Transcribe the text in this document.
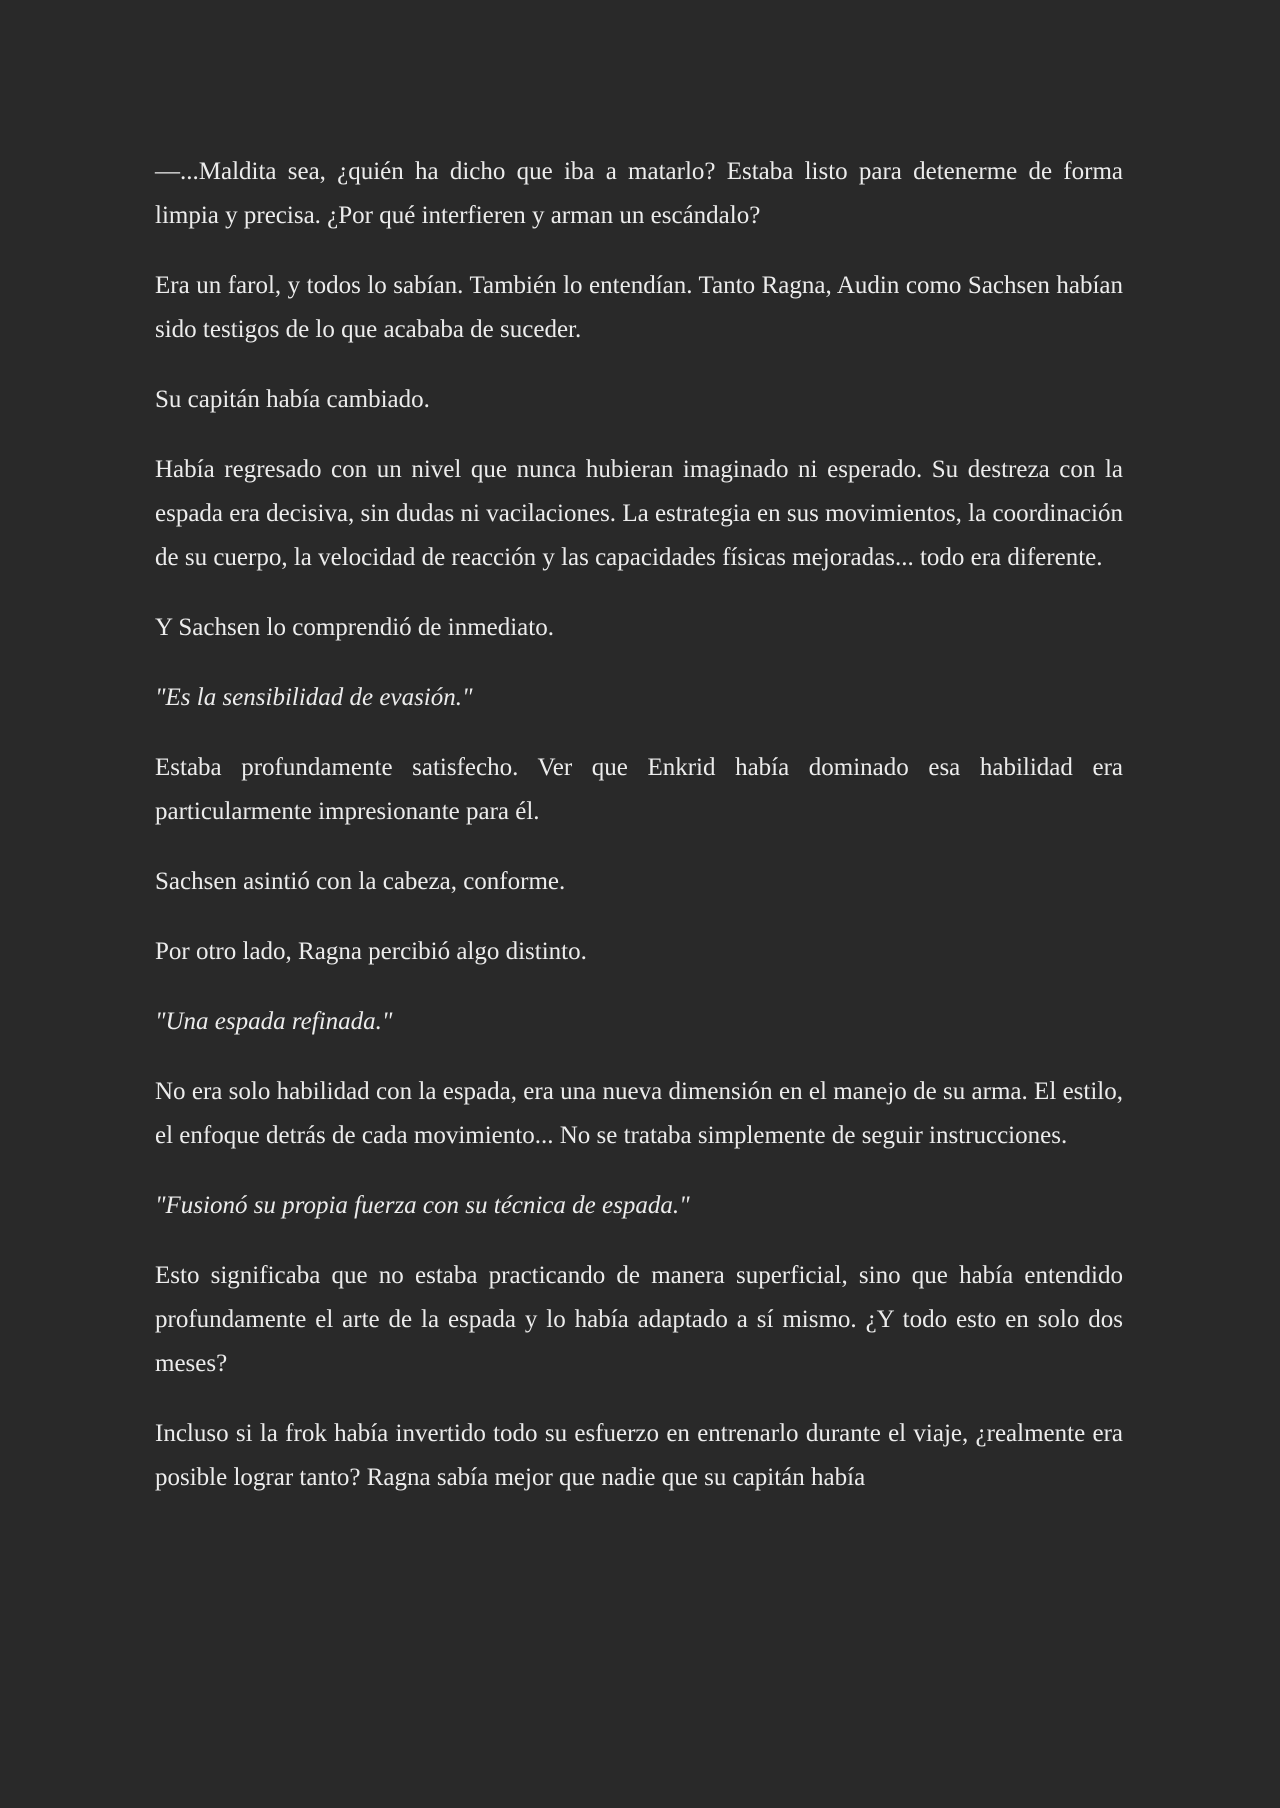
—...Maldita sea, ¿quién ha dicho que iba a matarlo? Estaba listo para detenerme de forma limpia y precisa. ¿Por qué interfieren y arman un escándalo?

Era un farol, y todos lo sabían. También lo entendían. Tanto Ragna, Audin como Sachsen habían sido testigos de lo que acababa de suceder.

Su capitán había cambiado.

Había regresado con un nivel que nunca hubieran imaginado ni esperado. Su destreza con la espada era decisiva, sin dudas ni vacilaciones. La estrategia en sus movimientos, la coordinación de su cuerpo, la velocidad de reacción y las capacidades físicas mejoradas... todo era diferente.

Y Sachsen lo comprendió de inmediato.

"Es la sensibilidad de evasión."

Estaba profundamente satisfecho. Ver que Enkrid había dominado esa habilidad era particularmente impresionante para él.

Sachsen asintió con la cabeza, conforme.

Por otro lado, Ragna percibió algo distinto.

"Una espada refinada."

No era solo habilidad con la espada, era una nueva dimensión en el manejo de su arma. El estilo, el enfoque detrás de cada movimiento... No se trataba simplemente de seguir instrucciones.

"Fusionó su propia fuerza con su técnica de espada."

Esto significaba que no estaba practicando de manera superficial, sino que había entendido profundamente el arte de la espada y lo había adaptado a sí mismo. ¿Y todo esto en solo dos meses?

Incluso si la frok había invertido todo su esfuerzo en entrenarlo durante el viaje, ¿realmente era posible lograr tanto? Ragna sabía mejor que nadie que su capitán había
